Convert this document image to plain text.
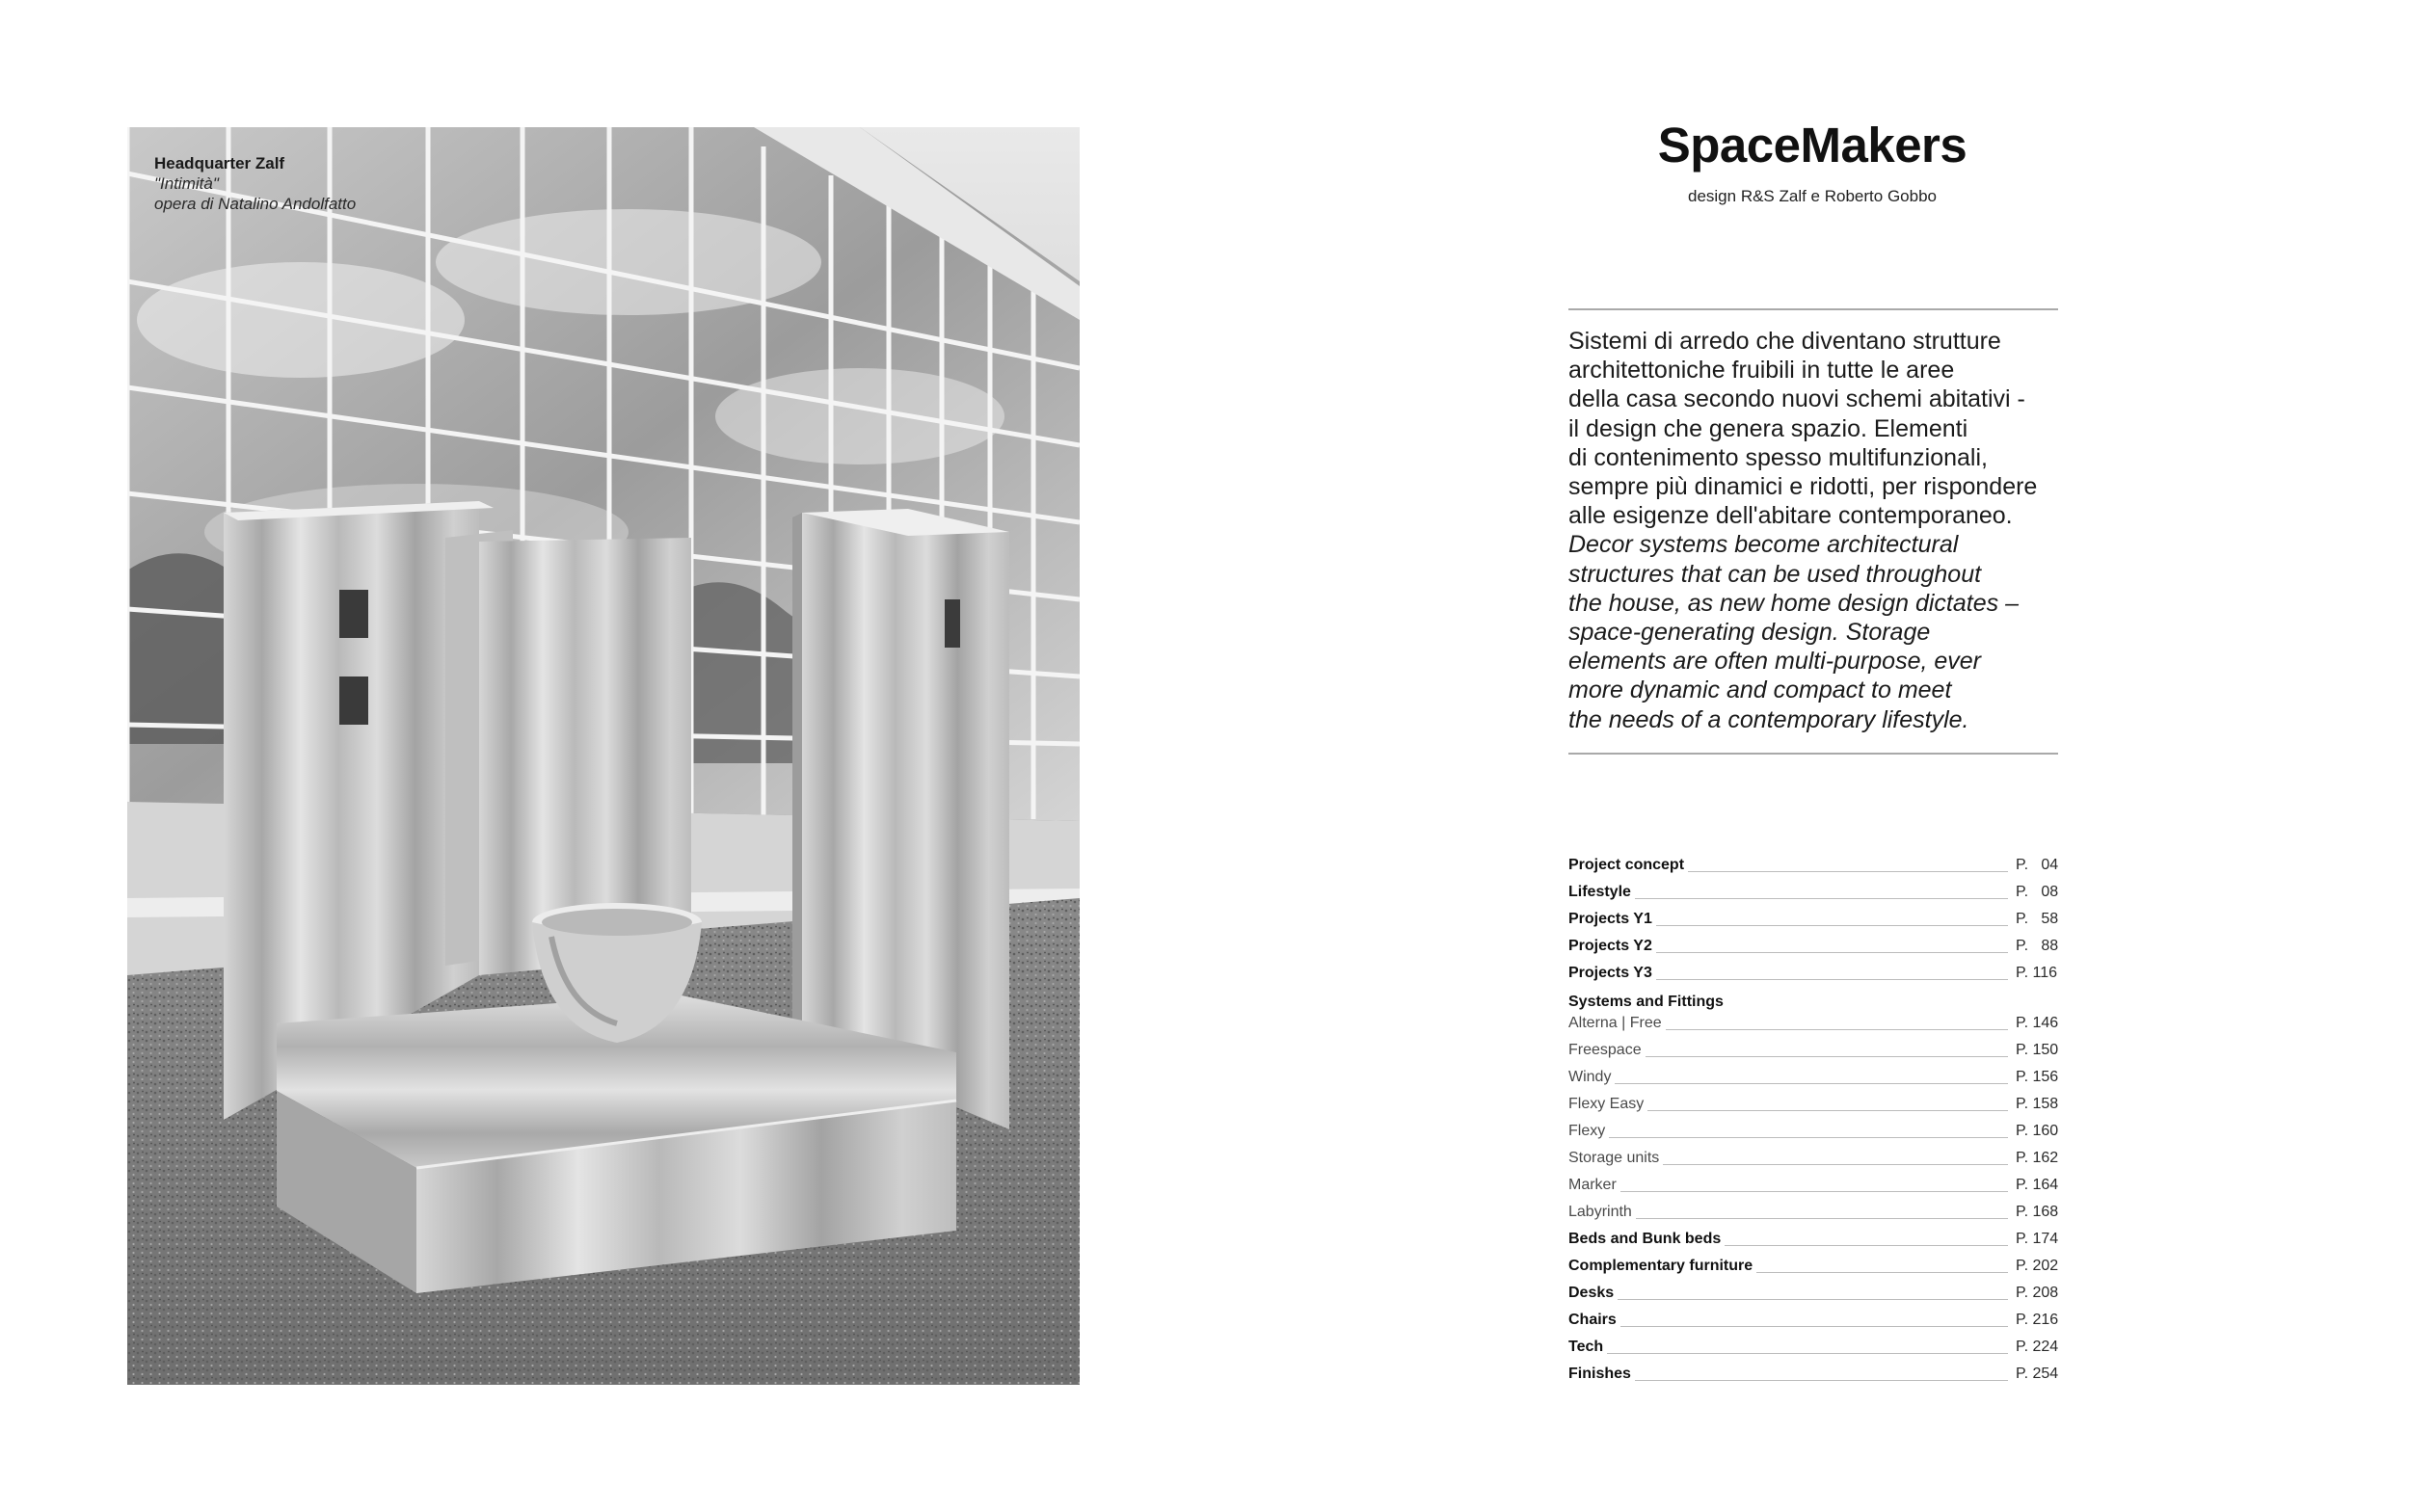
Headquarter Zalf
"Intimità"
opera di Natalino Andolfatto
SpaceMakers
design R&S Zalf e Roberto Gobbo
Sistemi di arredo che diventano strutture
architettoniche fruibili in tutte le aree
della casa secondo nuovi schemi abitativi -
il design che genera spazio. Elementi
di contenimento spesso multifunzionali,
sempre più dinamici e ridotti, per rispondere
alle esigenze dell'abitare contemporaneo.
Decor systems become architectural
structures that can be used throughout
the house, as new home design dictates –
space-generating design. Storage
elements are often multi-purpose, ever
more dynamic and compact to meet
the needs of a contemporary lifestyle.
Project concept	P.   04
Lifestyle	P.   08
Projects Y1	P.   58
Projects Y2	P.   88
Projects Y3	P. 116
Systems and Fittings
Alterna | Free	P. 146
Freespace	P. 150
Windy	P. 156
Flexy Easy	P. 158
Flexy	P. 160
Storage units	P. 162
Marker	P. 164
Labyrinth	P. 168
Beds and Bunk beds	P. 174
Complementary furniture	P. 202
Desks	P. 208
Chairs	P. 216
Tech	P. 224
Finishes	P. 254
